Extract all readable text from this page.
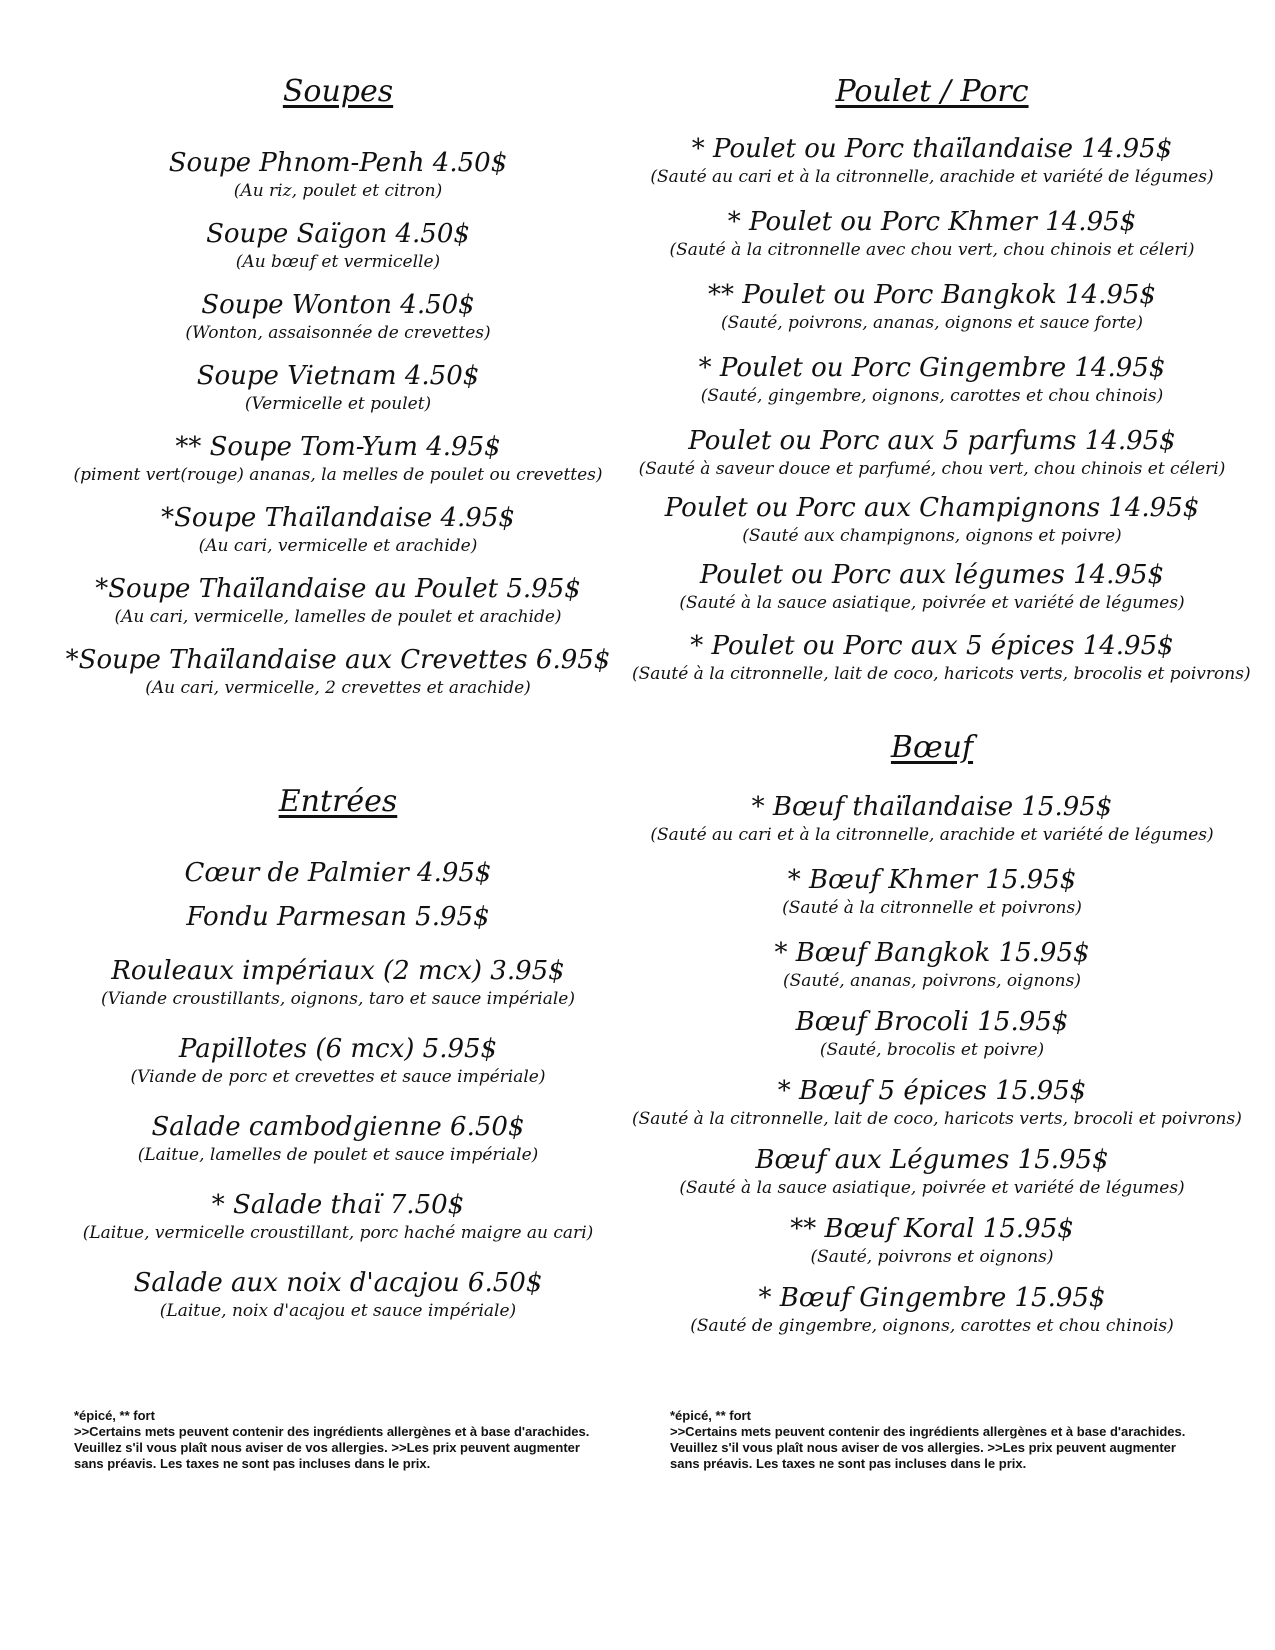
Soupes
Soupe Phnom-Penh 4.50$
(Au riz, poulet et citron)
Soupe Saïgon 4.50$
(Au bœuf et vermicelle)
Soupe Wonton 4.50$
(Wonton, assaisonnée de crevettes)
Soupe Vietnam 4.50$
(Vermicelle et poulet)
** Soupe Tom-Yum 4.95$
(piment vert(rouge) ananas, la melles de poulet ou crevettes)
*Soupe Thaïlandaise 4.95$
(Au cari, vermicelle et arachide)
*Soupe Thaïlandaise au Poulet 5.95$
(Au cari, vermicelle, lamelles de poulet et arachide)
*Soupe Thaïlandaise aux Crevettes 6.95$
(Au cari, vermicelle, 2 crevettes et arachide)
Entrées
Cœur de Palmier 4.95$
Fondu Parmesan 5.95$
Rouleaux impériaux (2 mcx) 3.95$
(Viande croustillants, oignons, taro et sauce impériale)
Papillotes (6 mcx) 5.95$
(Viande de porc et crevettes et sauce impériale)
Salade cambodgienne 6.50$
(Laitue, lamelles de poulet et sauce impériale)
* Salade thaï 7.50$
(Laitue, vermicelle croustillant, porc haché maigre au cari)
Salade aux noix d'acajou 6.50$
(Laitue, noix d'acajou et sauce impériale)
Poulet / Porc
* Poulet ou Porc thaïlandaise 14.95$
(Sauté au cari et à la citronnelle, arachide et variété de légumes)
* Poulet ou Porc Khmer 14.95$
(Sauté à la citronnelle avec chou vert, chou chinois et céleri)
** Poulet ou Porc Bangkok 14.95$
(Sauté, poivrons, ananas, oignons et sauce forte)
* Poulet ou Porc Gingembre 14.95$
(Sauté, gingembre, oignons, carottes et chou chinois)
Poulet ou Porc aux 5 parfums 14.95$
(Sauté à saveur douce et parfumé, chou vert, chou chinois et céleri)
Poulet ou Porc aux Champignons 14.95$
(Sauté aux champignons, oignons et poivre)
Poulet ou Porc aux légumes 14.95$
(Sauté à la sauce asiatique, poivrée et variété de légumes)
* Poulet ou Porc aux 5 épices 14.95$
(Sauté à la citronnelle, lait de coco, haricots verts, brocolis et poivrons)
Bœuf
* Bœuf thaïlandaise 15.95$
(Sauté au cari et à la citronnelle, arachide et variété de légumes)
* Bœuf Khmer 15.95$
(Sauté à la citronnelle et poivrons)
* Bœuf Bangkok 15.95$
(Sauté, ananas, poivrons, oignons)
Bœuf Brocoli 15.95$
(Sauté, brocolis et poivre)
* Bœuf 5 épices 15.95$
(Sauté à la citronnelle, lait de coco, haricots verts, brocoli et poivrons)
Bœuf aux Légumes 15.95$
(Sauté à la sauce asiatique, poivrée et variété de légumes)
** Bœuf Koral 15.95$
(Sauté, poivrons et oignons)
* Bœuf Gingembre 15.95$
(Sauté de gingembre, oignons, carottes et chou chinois)
*épicé, ** fort
>>Certains mets peuvent contenir des ingrédients allergènes et à base d'arachides. Veuillez s'il vous plaît nous aviser de vos allergies. >>Les prix peuvent augmenter sans préavis. Les taxes ne sont pas incluses dans le prix.
*épicé, ** fort
>>Certains mets peuvent contenir des ingrédients allergènes et à base d'arachides. Veuillez s'il vous plaît nous aviser de vos allergies. >>Les prix peuvent augmenter sans préavis. Les taxes ne sont pas incluses dans le prix.
